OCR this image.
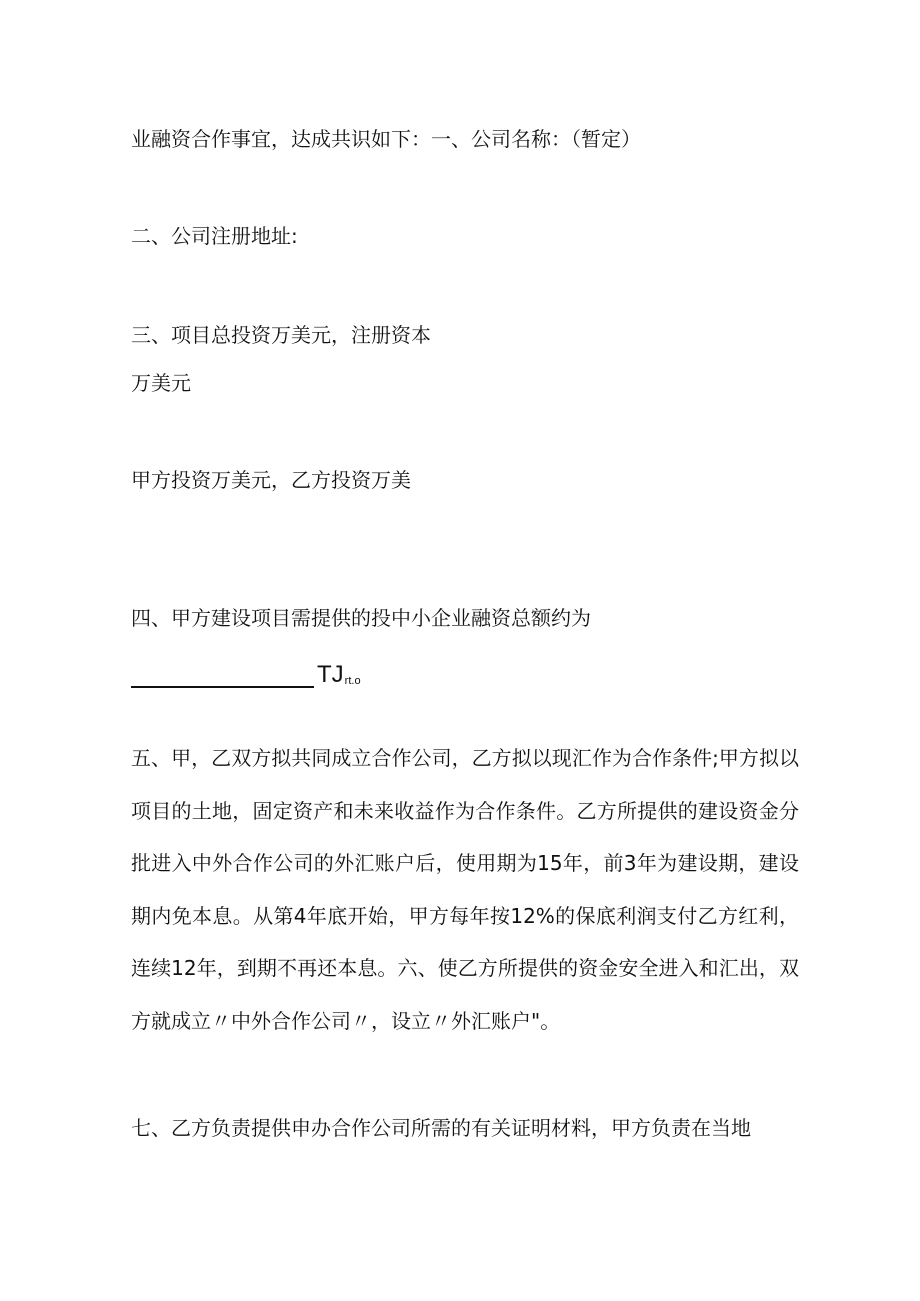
业融资合作事宜，达成共识如下：一、公司名称：（暂定）
二、公司注册地址:
三、项目总投资万美元，注册资本
万美元
甲方投资万美元，乙方投资万美
四、甲方建设项目需提供的投中小企业融资总额约为
TJ rt.o
五、甲，乙双方拟共同成立合作公司，乙方拟以现汇作为合作条件;甲方拟以项目的土地，固定资产和未来收益作为合作条件。乙方所提供的建设资金分批进入中外合作公司的外汇账户后，使用期为15年，前3年为建设期，建设期内免本息。从第4年底开始，甲方每年按12%的保底利润支付乙方红利，连续12年，到期不再还本息。六、使乙方所提供的资金安全进入和汇出，双方就成立〃中外合作公司〃，设立〃外汇账户"。
七、乙方负责提供申办合作公司所需的有关证明材料，甲方负责在当地
